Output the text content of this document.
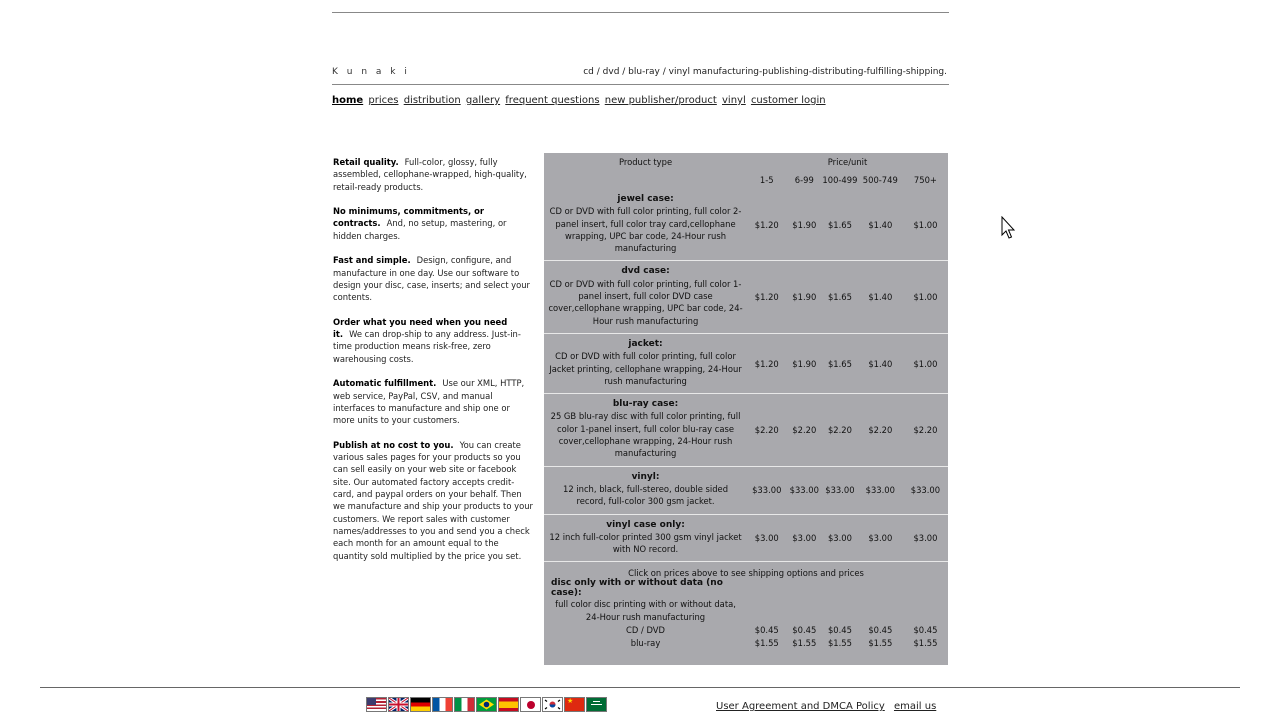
K u n a k i	cd / dvd / blu-ray / vinyl manufacturing-publishing-distributing-fulfilling-shipping.
home prices distribution gallery frequent questions new publisher/product vinyl customer login
Retail quality. Full-color, glossy, fully assembled, cellophane-wrapped, high-quality, retail-ready products.
No minimums, commitments, or contracts. And, no setup, mastering, or hidden charges.
Fast and simple. Design, configure, and manufacture in one day. Use our software to design your disc, case, inserts; and select your contents.
Order what you need when you need it. We can drop-ship to any address. Just-in-time production means risk-free, zero warehousing costs.
Automatic fulfillment. Use our XML, HTTP, web service, PayPal, CSV, and manual interfaces to manufacture and ship one or more units to your customers.
Publish at no cost to you. You can create various sales pages for your products so you can sell easily on your web site or facebook site. Our automated factory accepts credit-card, and paypal orders on your behalf. Then we manufacture and ship your products to your customers. We report sales with customer names/addresses to you and send you a check each month for an amount equal to the quantity sold multiplied by the price you set.
Product type	Price/unit				
	1-5	6-99	100-499	500-749	750+

jewel case:
CD or DVD with full color printing, full color 2-panel insert, full color tray card,cellophane wrapping, UPC bar code, 24-Hour rush manufacturing	$1.20	$1.90	$1.65	$1.40	$1.00

dvd case:
CD or DVD with full color printing, full color 1-panel insert, full color DVD case cover,cellophane wrapping, UPC bar code, 24-Hour rush manufacturing	$1.20	$1.90	$1.65	$1.40	$1.00

jacket:
CD or DVD with full color printing, full color Jacket printing, cellophane wrapping, 24-Hour rush manufacturing	$1.20	$1.90	$1.65	$1.40	$1.00

blu-ray case:
25 GB blu-ray disc with full color printing, full color 1-panel insert, full color blu-ray case cover,cellophane wrapping, 24-Hour rush manufacturing	$2.20	$2.20	$2.20	$2.20	$2.20

vinyl:
12 inch, black, full-stereo, double sided record, full-color 300 gsm jacket.	$33.00	$33.00	$33.00	$33.00	$33.00

vinyl case only:
12 inch full-color printed 300 gsm vinyl jacket with NO record.	$3.00	$3.00	$3.00	$3.00	$3.00
Click on prices above to see shipping options and prices					
disc only with or without data (no case):					
full color disc printing with or without data, 24-Hour rush manufacturing					
CD / DVD	$0.45	$0.45	$0.45	$0.45	$0.45
blu-ray	$1.55	$1.55	$1.55	$1.55	$1.55
★	User Agreement and DMCA Policy email us
